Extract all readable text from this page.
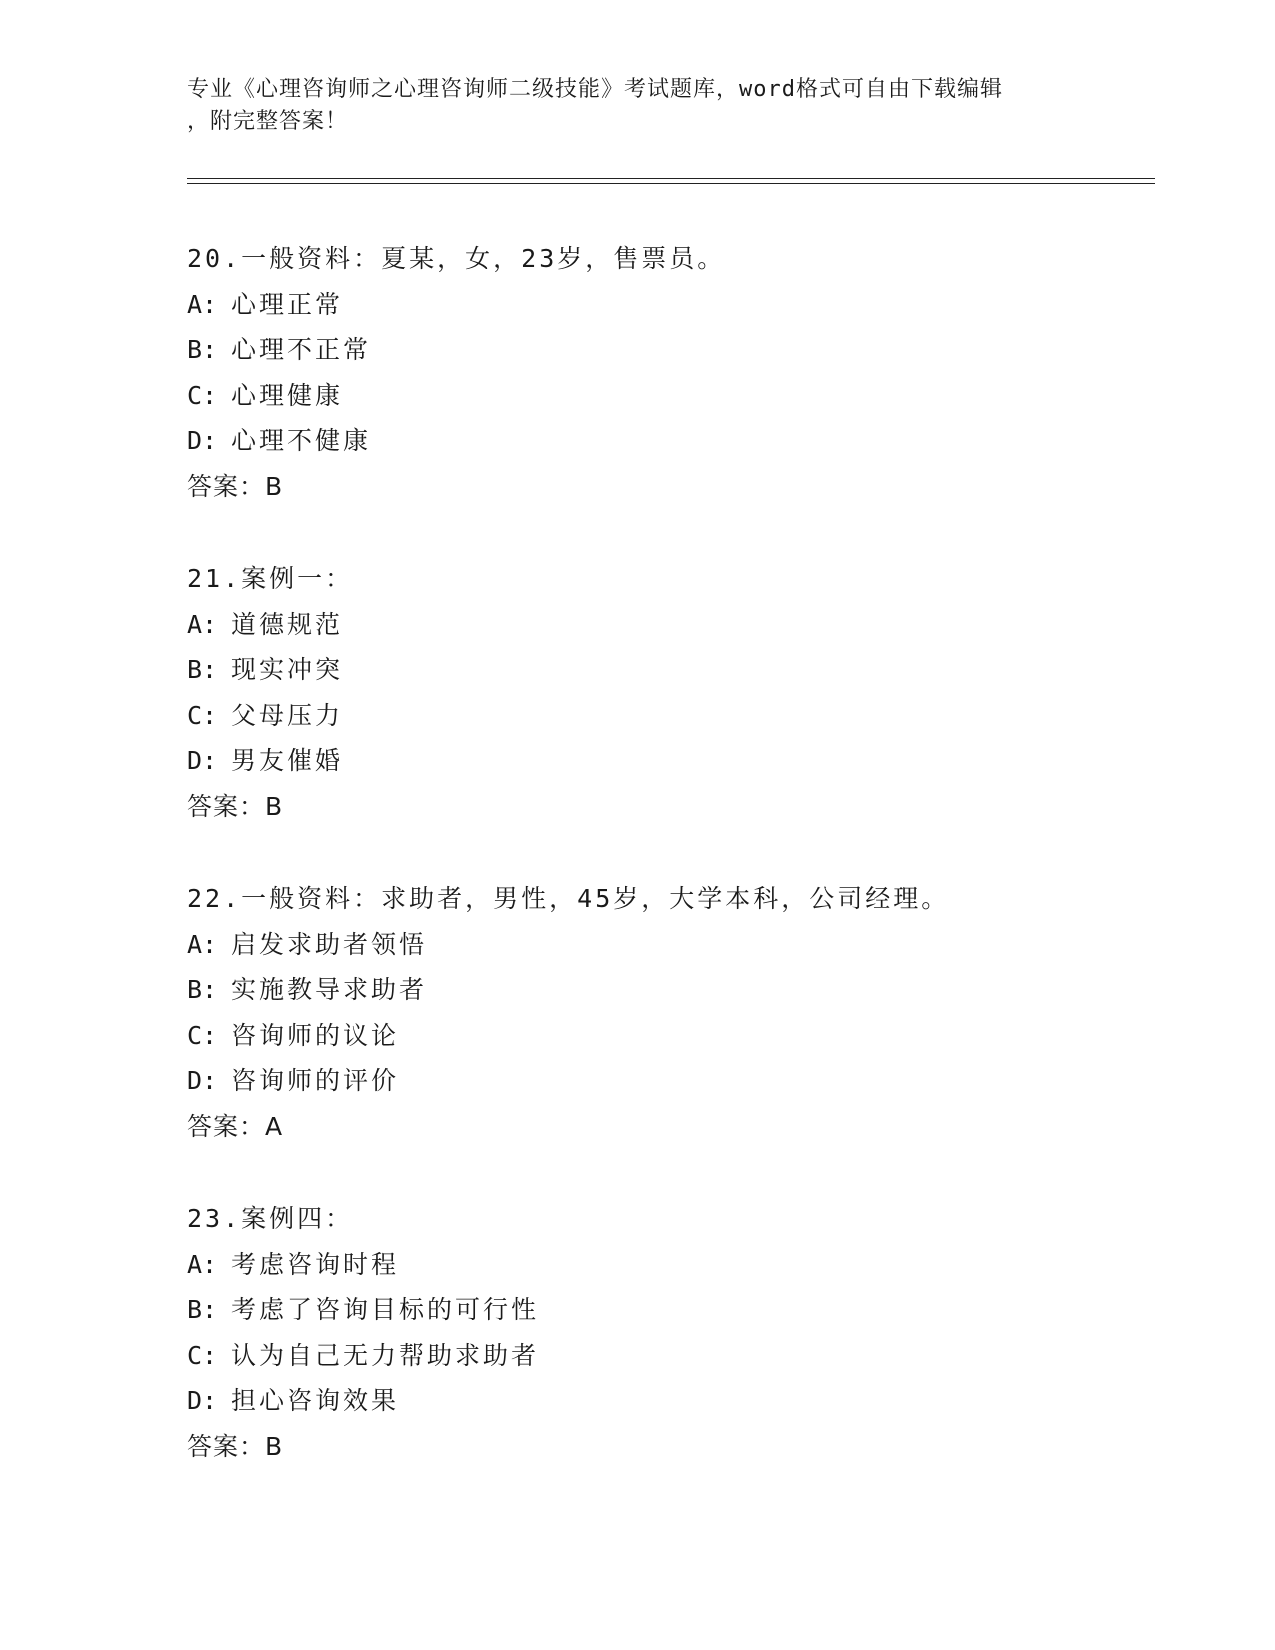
专业《心理咨询师之心理咨询师二级技能》考试题库，word格式可自由下载编辑
，附完整答案！
20.一般资料：夏某，女，23岁，售票员。
A: 心理正常
B: 心理不正常
C: 心理健康
D: 心理不健康
答案：B
21.案例一：
A: 道德规范
B: 现实冲突
C: 父母压力
D: 男友催婚
答案：B
22.一般资料：求助者，男性，45岁，大学本科，公司经理。
A: 启发求助者领悟
B: 实施教导求助者
C: 咨询师的议论
D: 咨询师的评价
答案：A
23.案例四：
A: 考虑咨询时程
B: 考虑了咨询目标的可行性
C: 认为自己无力帮助求助者
D: 担心咨询效果
答案：B
